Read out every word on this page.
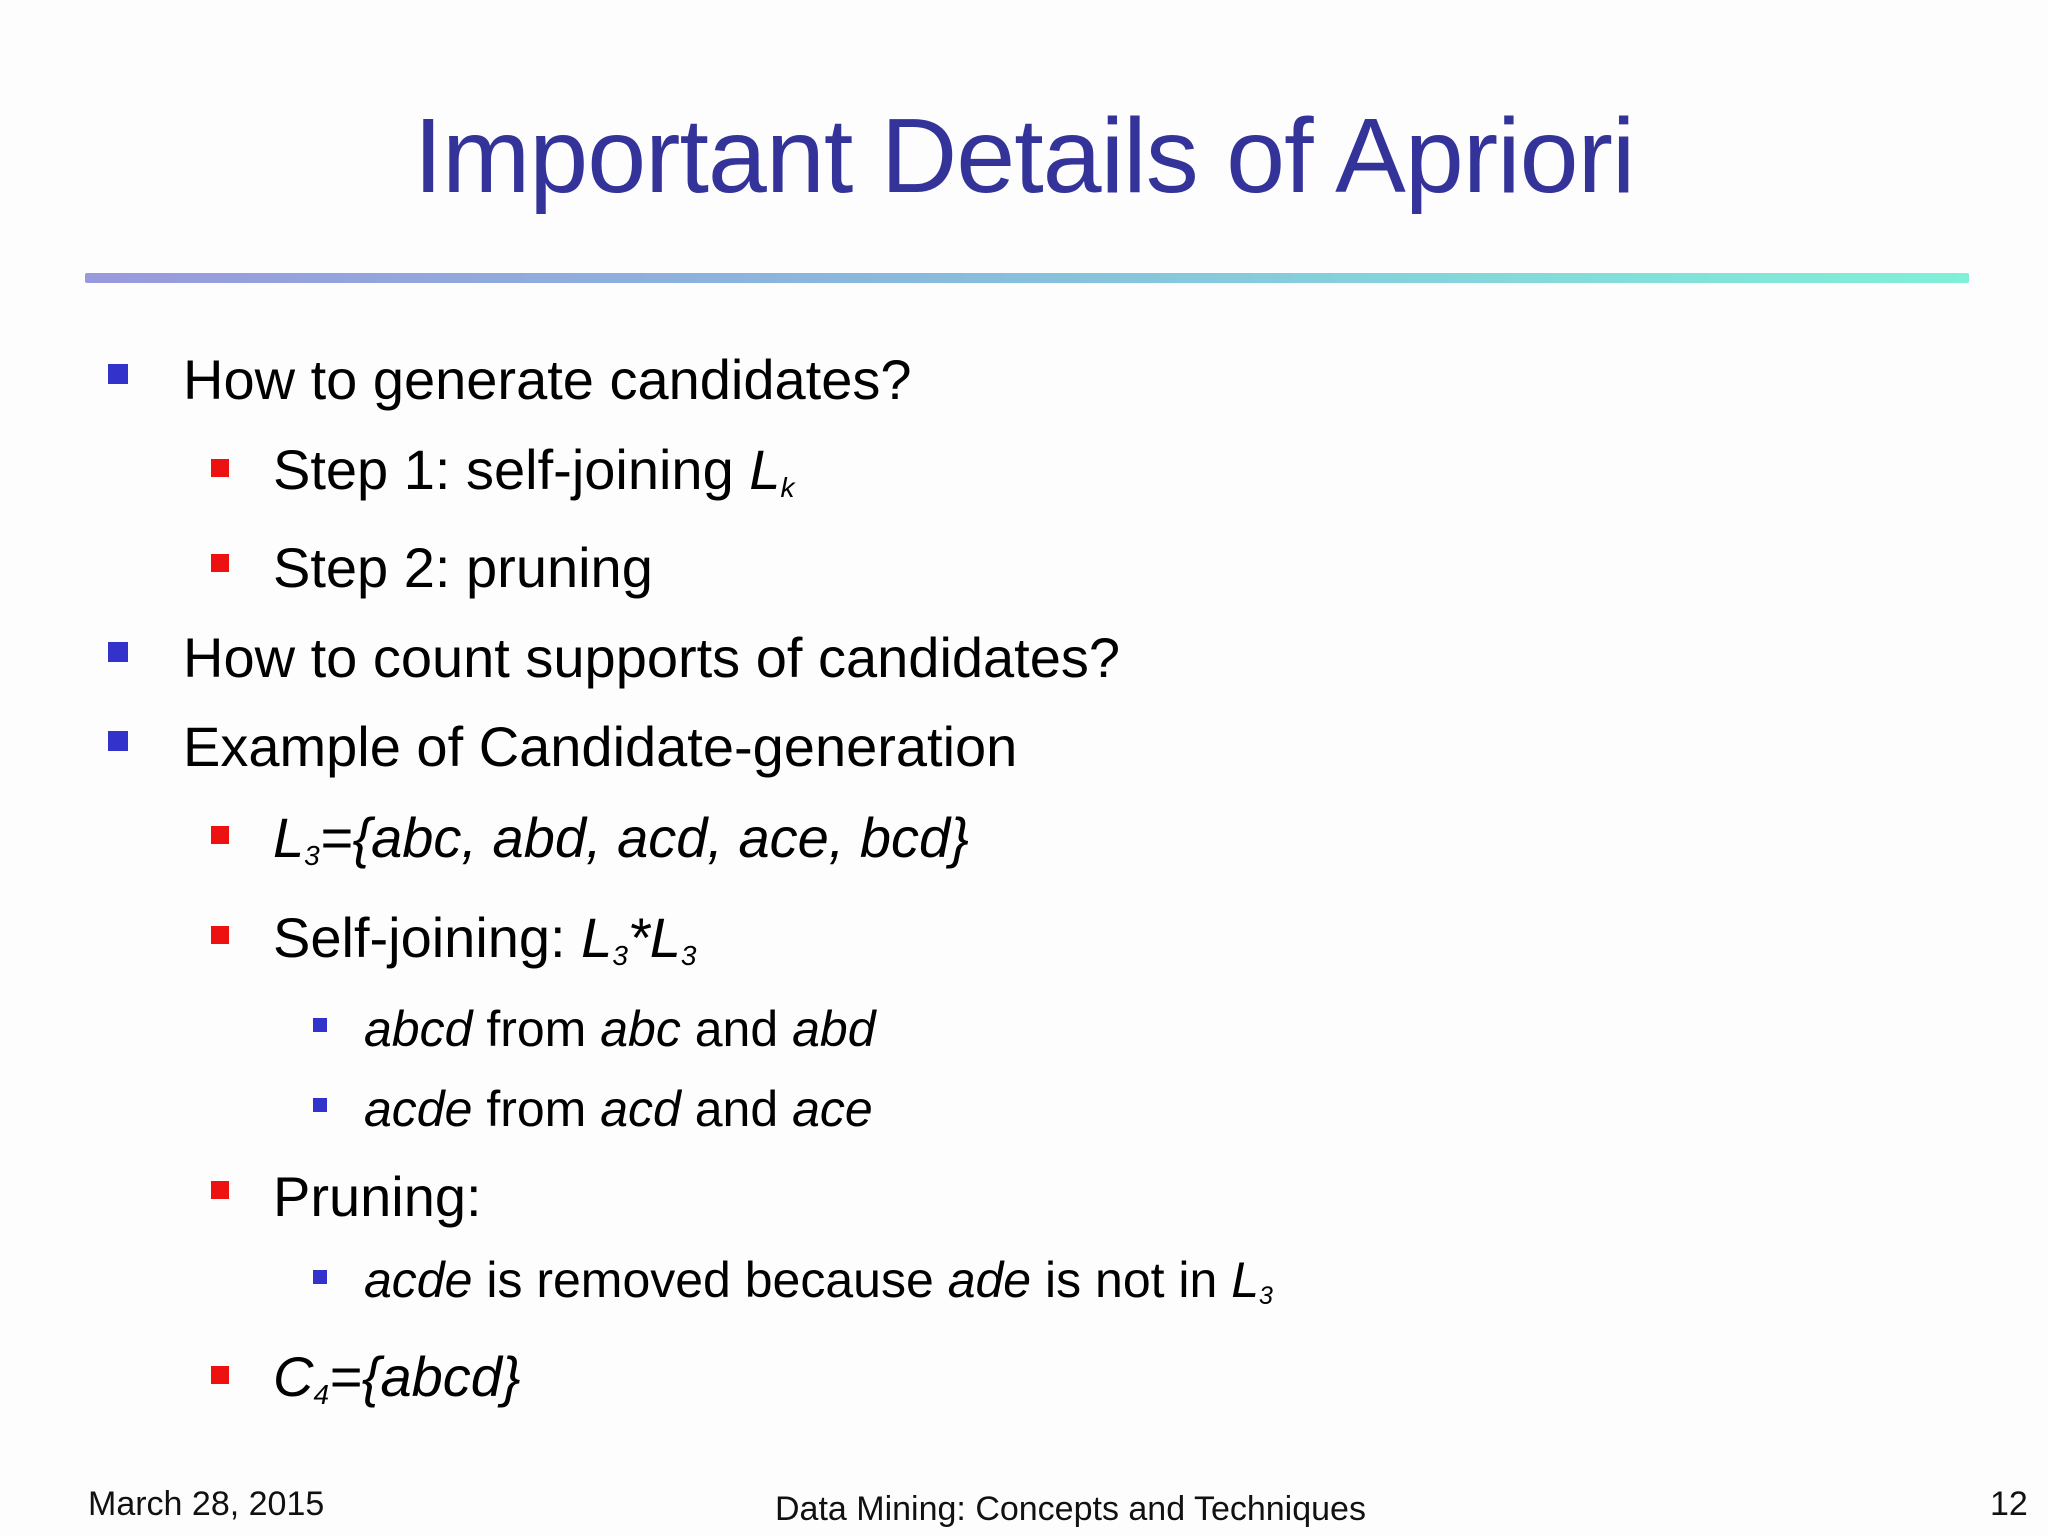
Important Details of Apriori
How to generate candidates?
Step 1: self-joining $L_k$
Step 2: pruning
How to count supports of candidates?
Example of Candidate-generation
$L_3=\{abc$, abd, acd, ace, bcd}
Self-joining: $L_3*L_3$
abcd from abc and abd
acde from acd and ace
Pruning:
acde is removed because ade is not in $L_3$
$C_4=\{abcd\}$
March 28, 2015	Data Mining: Concepts and Techniques	12
